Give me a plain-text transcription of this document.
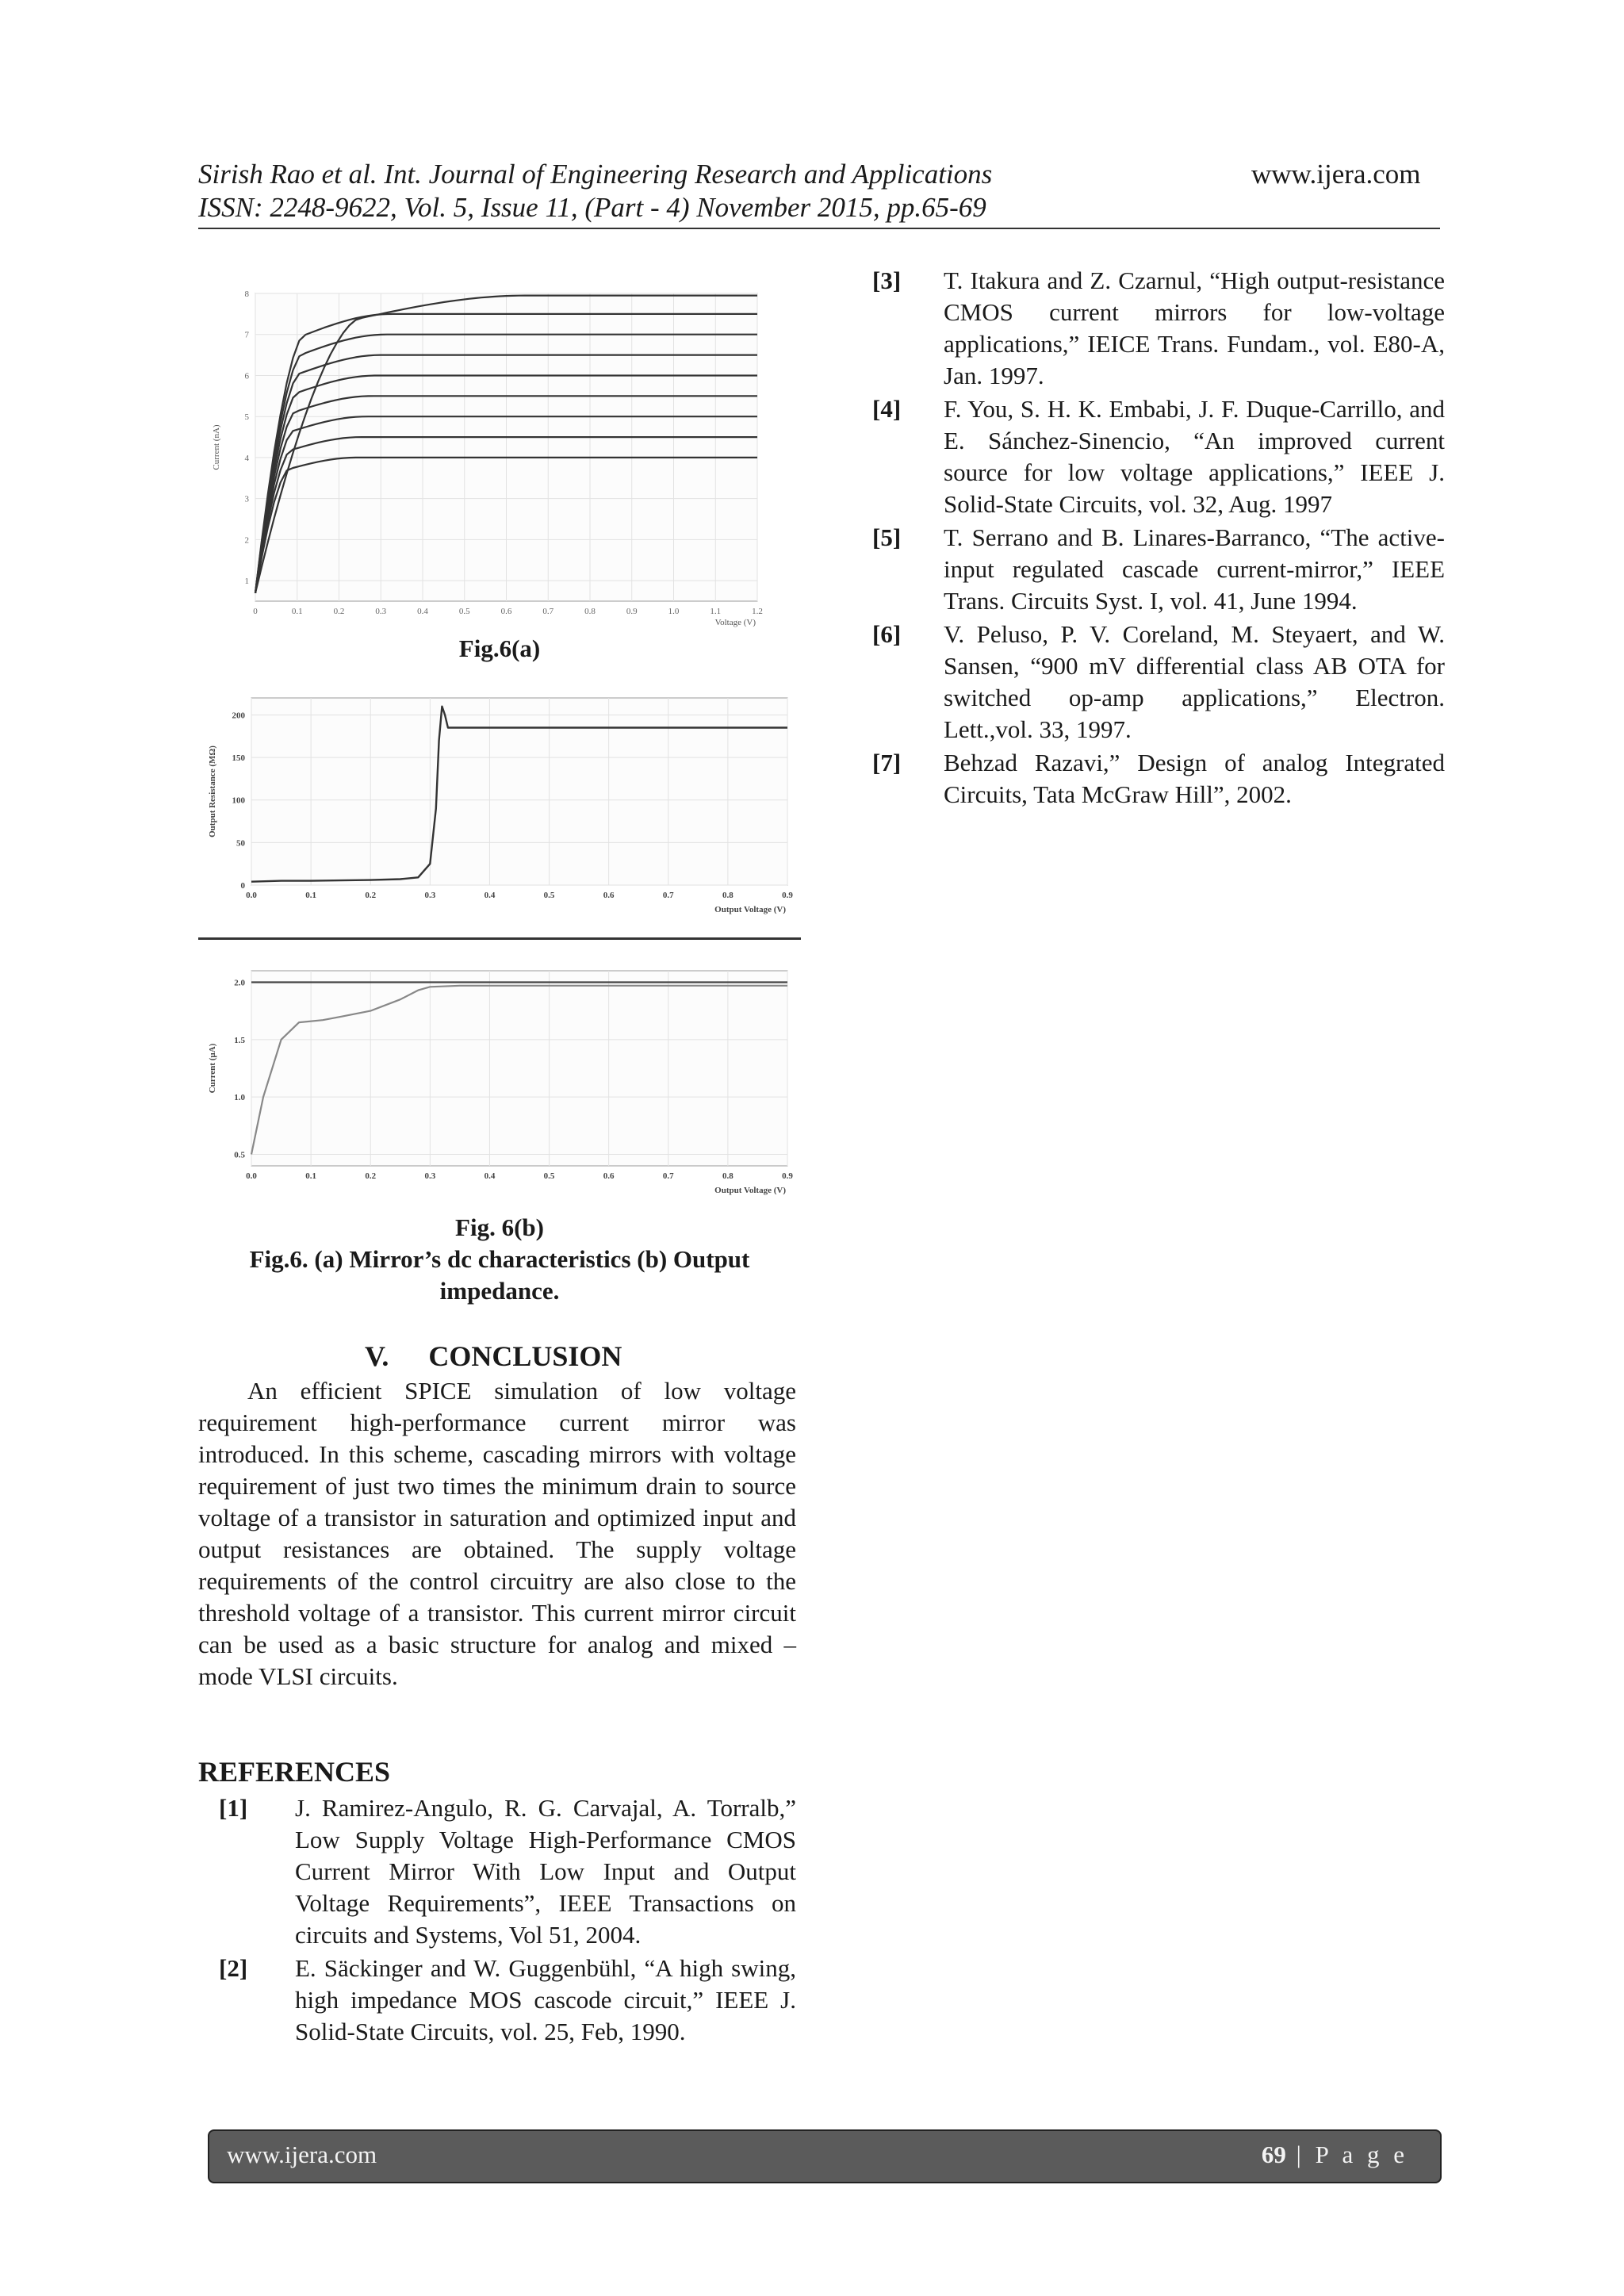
Sirish Rao et al. Int. Journal of Engineering Research and Applications	www.ijera.com
ISSN: 2248-9622, Vol. 5, Issue 11, (Part - 4) November 2015, pp.65-69
0	0.1	0.2	0.3	0.4	0.5	0.6	0.7	0.8	0.9	1.0	1.1	1.2
1
2
3
4
5
6
7
8
Voltage (V)
Current (nA)
Fig.6(a)
0.0	0.1	0.2	0.3	0.4	0.5	0.6	0.7	0.8	0.9
0
50
100
150
200
Output Voltage (V)
Output Resistance (MΩ)
0.0	0.1	0.2	0.3	0.4	0.5	0.6	0.7	0.8	0.9
0.5
1.0
1.5
2.0
Output Voltage (V)
Current (µA)
Fig. 6(b)
Fig.6. (a) Mirror’s dc characteristics (b) Output impedance.
V. CONCLUSION

An efficient SPICE simulation of low voltage requirement high-performance current mirror was introduced. In this scheme, cascading mirrors with voltage requirement of just two times the minimum drain to source voltage of a transistor in saturation and optimized input and output resistances are obtained. The supply voltage requirements of the control circuitry are also close to the threshold voltage of a transistor. This current mirror circuit can be used as a basic structure for analog and mixed – mode VLSI circuits.

REFERENCES
[1]	J. Ramirez-Angulo, R. G. Carvajal, A. Torralb,” Low Supply Voltage High-Performance CMOS Current Mirror With Low Input and Output Voltage Requirements”, IEEE Transactions on circuits and Systems, Vol 51, 2004.
[2]	E. Säckinger and W. Guggenbühl, “A high swing, high impedance MOS cascode circuit,” IEEE J. Solid-State Circuits, vol. 25, Feb, 1990.
[3]	T. Itakura and Z. Czarnul, “High output-resistance CMOS current mirrors for low-voltage applications,” IEICE Trans. Fundam., vol. E80-A, Jan. 1997.
[4]	F. You, S. H. K. Embabi, J. F. Duque-Carrillo, and E. Sánchez-Sinencio, “An improved current source for low voltage applications,” IEEE J. Solid-State Circuits, vol. 32, Aug. 1997
[5]	T. Serrano and B. Linares-Barranco, “The active-input regulated cascade current-mirror,” IEEE Trans. Circuits Syst. I, vol. 41, June 1994.
[6]	V. Peluso, P. V. Coreland, M. Steyaert, and W. Sansen, “900 mV differential class AB OTA for switched op-amp applications,” Electron. Lett.,vol. 33, 1997.
[7]	Behzad Razavi,” Design of analog Integrated Circuits, Tata McGraw Hill”, 2002.
www.ijera.com	69 | P a g e
